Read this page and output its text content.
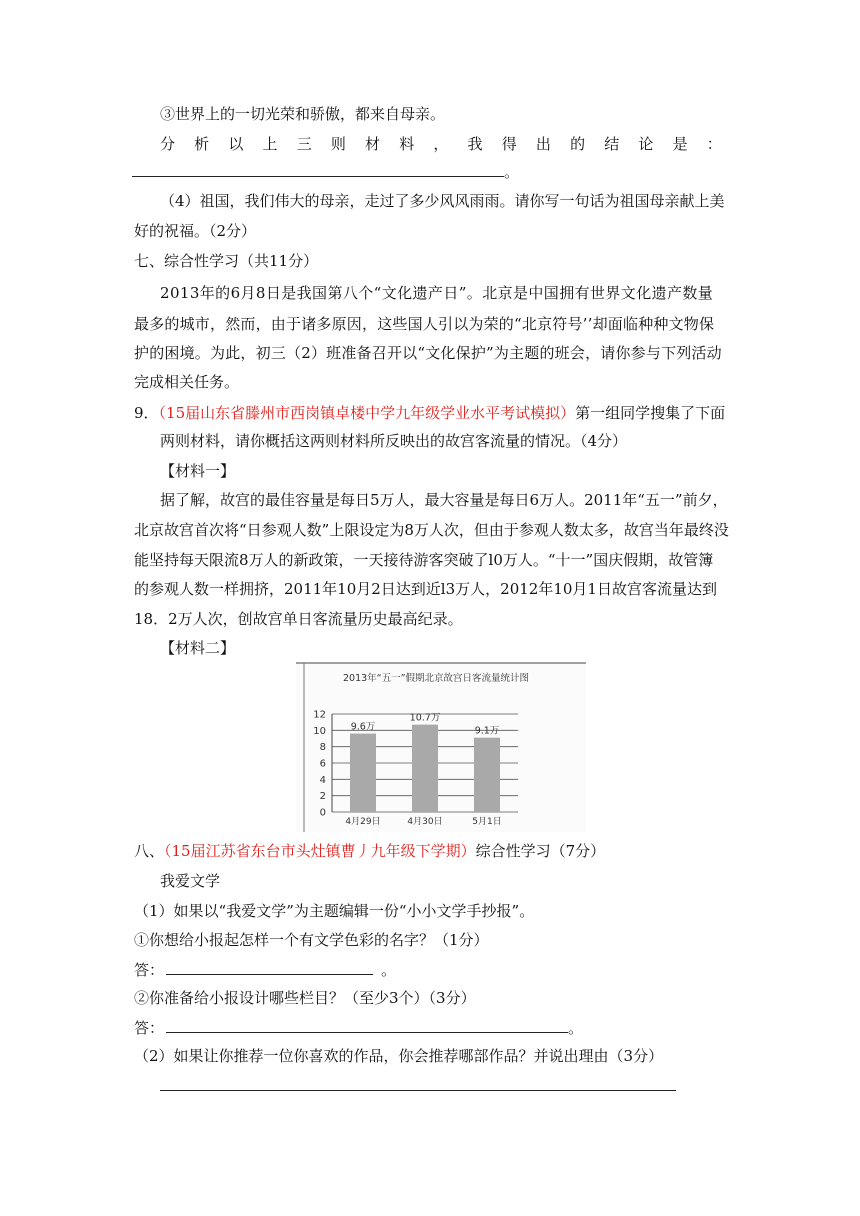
③世界上的一切光荣和骄傲，都来自母亲。
分 析 以 上 三 则 材 料 ， 我 得 出 的 结 论 是 ：
。
（4）祖国，我们伟大的母亲，走过了多少风风雨雨。请你写一句话为祖国母亲献上美
好的祝福。（2分）
七、综合性学习（共11分）
2013年的6月8日是我国第八个“文化遗产日”。北京是中国拥有世界文化遗产数量
最多的城市，然而，由于诸多原因，这些国人引以为荣的“北京符号’’却面临种种文物保
护的困境。为此，初三（2）班准备召开以“文化保护”为主题的班会，请你参与下列活动
完成相关任务。
9．（15届山东省滕州市西岗镇卓楼中学九年级学业水平考试模拟）第一组同学搜集了下面
两则材料，请你概括这两则材料所反映出的故宫客流量的情况。（4分）
【材料一】
据了解，故宫的最佳容量是每日5万人，最大容量是每日6万人。2011年“五一”前夕，
北京故宫首次将“日参观人数”上限设定为8万人次，但由于参观人数太多，故宫当年最终没
能坚持每天限流8万人的新政策，一天接待游客突破了l0万人。“十一”国庆假期，故管簿
的参观人数一样拥挤，2011年10月2日达到近l3万人，2012年10月1日故宫客流量达到
18．2万人次，创故宫单日客流量历史最高纪录。
【材料二】
2013年“五一”假期北京故宫日客流量统计图
0
2
4
6
8
10
12
9.6万
4月29日
10.7万
4月30日
9.1万
5月1日
八、（15届江苏省东台市头灶镇曹丿九年级下学期）综合性学习（7分）
我爱文学
（1）如果以“我爱文学”为主题编辑一份“小小文学手抄报”。
①你想给小报起怎样一个有文学色彩的名字？（1分）
答：	。
②你准备给小报设计哪些栏目？（至少3个）（3分）
答：	。
（2）如果让你推荐一位你喜欢的作品，你会推荐哪部作品？并说出理由（3分）
